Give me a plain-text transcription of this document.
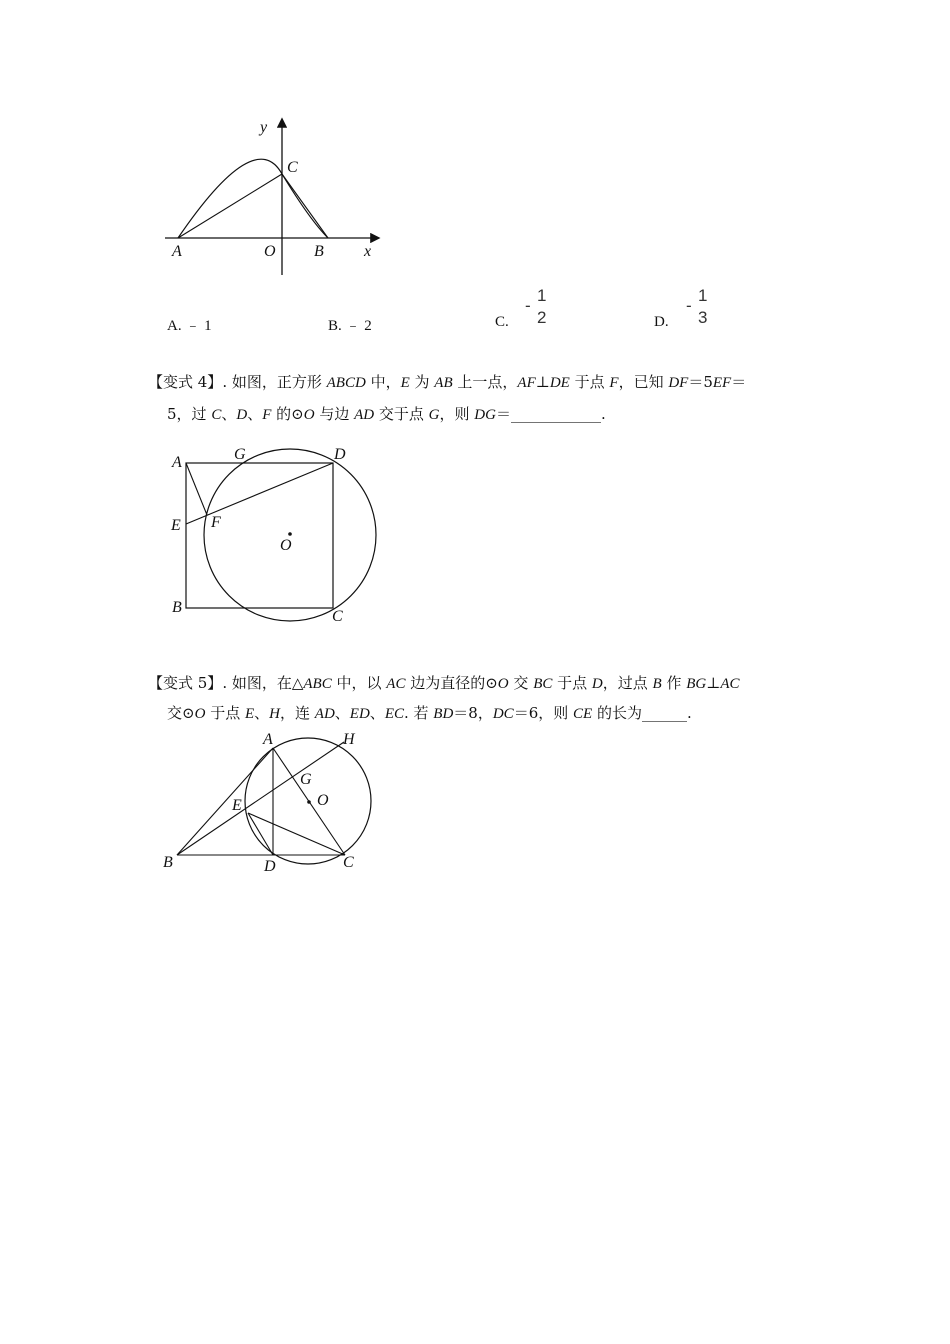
y
C
A	O B	x
A. ﹣ 1	B. ﹣ 2	C.
-
1
2	D.
-
1
3
【变式 4】. 如图，正方形 ABCD 中，E 为 AB 上一点，AF⊥DE 于点 F，已知 DF＝5EF＝
5，过 C、D、F 的⊙O 与边 AD 交于点 G，则 DG＝____________.
A	G	D
E F
O
B
C
【变式 5】. 如图，在△ABC 中，以 AC 边为直径的⊙O 交 BC 于点 D，过点 B 作 BG⊥AC
交⊙O 于点 E、H，连 AD、ED、EC. 若 BD＝8，DC＝6，则 CE 的长为______.
A	H
G
O
E
B	D	C
